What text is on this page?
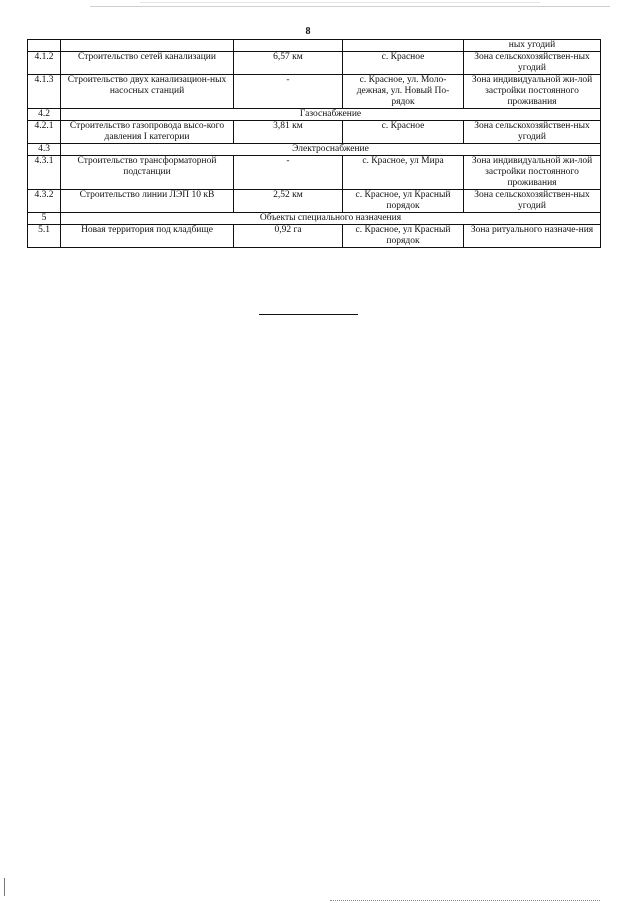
8
				ных угодий
4.1.2	Строительство сетей канализации	6,57 км	с. Красное	Зона сельскохозяйствен-ных угодий
4.1.3	Строительство двух канализацион-ных насосных станций	-	с. Красное, ул. Моло-дежная, ул. Новый По-рядок	Зона индивидуальной жи-лой застройки постоянного проживания
4.2	Газоснабжение			
4.2.1	Строительство газопровода высо-кого давления I категории	3,81 км	с. Красное	Зона сельскохозяйствен-ных угодий
4.3	Электроснабжение			
4.3.1	Строительство трансформаторной подстанции	-	с. Красное, ул Мира	Зона индивидуальной жи-лой застройки постоянного проживания
4.3.2	Строительство линии ЛЭП 10 кВ	2,52 км	с. Красное, ул Красный порядок	Зона сельскохозяйствен-ных угодий
5	Объекты специального назначения			
5.1	Новая территория под кладбище	0,92 га	с. Красное, ул Красный порядок	Зона ритуального назначе-ния
